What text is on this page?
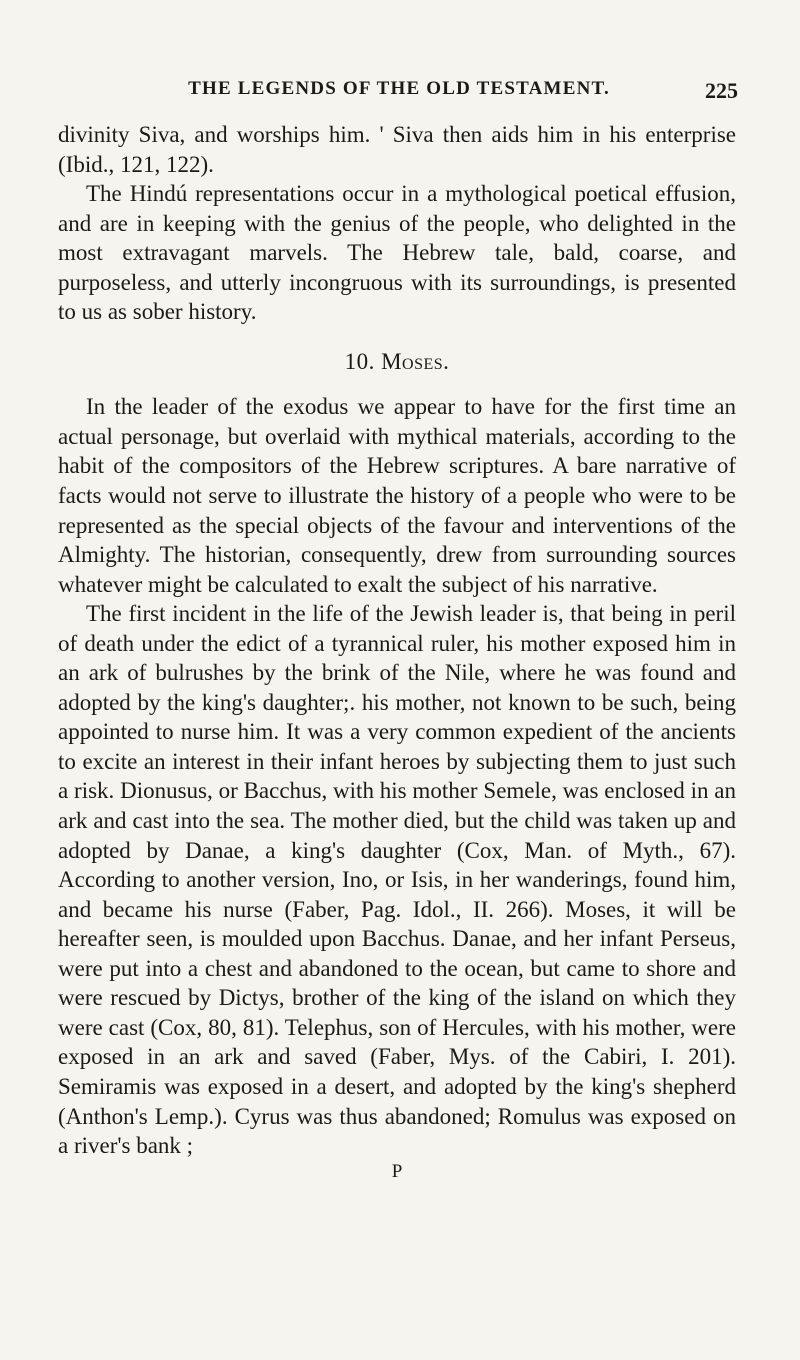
THE LEGENDS OF THE OLD TESTAMENT.	225

divinity Siva, and worships him. ' Siva then aids him in his enterprise (Ibid., 121, 122).

The Hindú representations occur in a mythological poetical effusion, and are in keeping with the genius of the people, who delighted in the most extravagant marvels. The Hebrew tale, bald, coarse, and purposeless, and utterly incongruous with its surroundings, is presented to us as sober history.

10. Moses.

In the leader of the exodus we appear to have for the first time an actual personage, but overlaid with mythical materials, according to the habit of the compositors of the Hebrew scriptures. A bare narrative of facts would not serve to illustrate the history of a people who were to be represented as the special objects of the favour and interventions of the Almighty. The historian, consequently, drew from surrounding sources whatever might be calculated to exalt the subject of his narrative.

The first incident in the life of the Jewish leader is, that being in peril of death under the edict of a tyrannical ruler, his mother exposed him in an ark of bulrushes by the brink of the Nile, where he was found and adopted by the king's daughter;. his mother, not known to be such, being appointed to nurse him. It was a very common expedient of the ancients to excite an interest in their infant heroes by subjecting them to just such a risk. Dionusus, or Bacchus, with his mother Semele, was enclosed in an ark and cast into the sea. The mother died, but the child was taken up and adopted by Danae, a king's daughter (Cox, Man. of Myth., 67). According to another version, Ino, or Isis, in her wanderings, found him, and became his nurse (Faber, Pag. Idol., II. 266). Moses, it will be hereafter seen, is moulded upon Bacchus. Danae, and her infant Perseus, were put into a chest and abandoned to the ocean, but came to shore and were rescued by Dictys, brother of the king of the island on which they were cast (Cox, 80, 81). Telephus, son of Hercules, with his mother, were exposed in an ark and saved (Faber, Mys. of the Cabiri, I. 201). Semiramis was exposed in a desert, and adopted by the king's shepherd (Anthon's Lemp.). Cyrus was thus abandoned; Romulus was exposed on a river's bank ;

P
